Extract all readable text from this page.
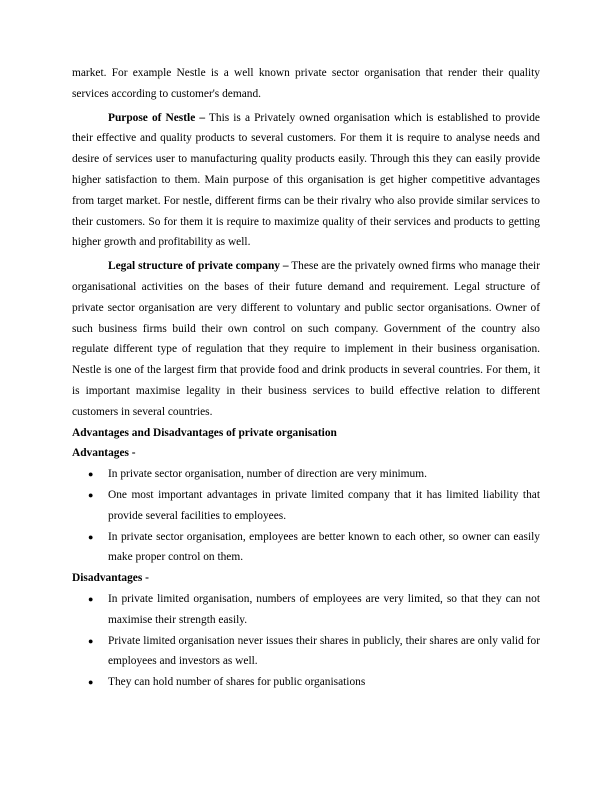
market. For example Nestle is a well known private sector organisation that render their quality services according to customer's demand.

Purpose of Nestle – This is a Privately owned organisation which is established to provide their effective and quality products to several customers. For them it is require to analyse needs and desire of services user to manufacturing quality products easily. Through this they can easily provide higher satisfaction to them. Main purpose of this organisation is get higher competitive advantages from target market. For nestle, different firms can be their rivalry who also provide similar services to their customers. So for them it is require to maximize quality of their services and products to getting higher growth and profitability as well.

Legal structure of private company – These are the privately owned firms who manage their organisational activities on the bases of their future demand and requirement. Legal structure of private sector organisation are very different to voluntary and public sector organisations. Owner of such business firms build their own control on such company. Government of the country also regulate different type of regulation that they require to implement in their business organisation. Nestle is one of the largest firm that provide food and drink products in several countries. For them, it is important maximise legality in their business services to build effective relation to different customers in several countries.

Advantages and Disadvantages of private organisation

Advantages -

● In private sector organisation, number of direction are very minimum.
● One most important advantages in private limited company that it has limited liability that provide several facilities to employees.
● In private sector organisation, employees are better known to each other, so owner can easily make proper control on them.

Disadvantages -

● In private limited organisation, numbers of employees are very limited, so that they can not maximise their strength easily.
● Private limited organisation never issues their shares in publicly, their shares are only valid for employees and investors as well.
● They can hold number of shares for public organisations
